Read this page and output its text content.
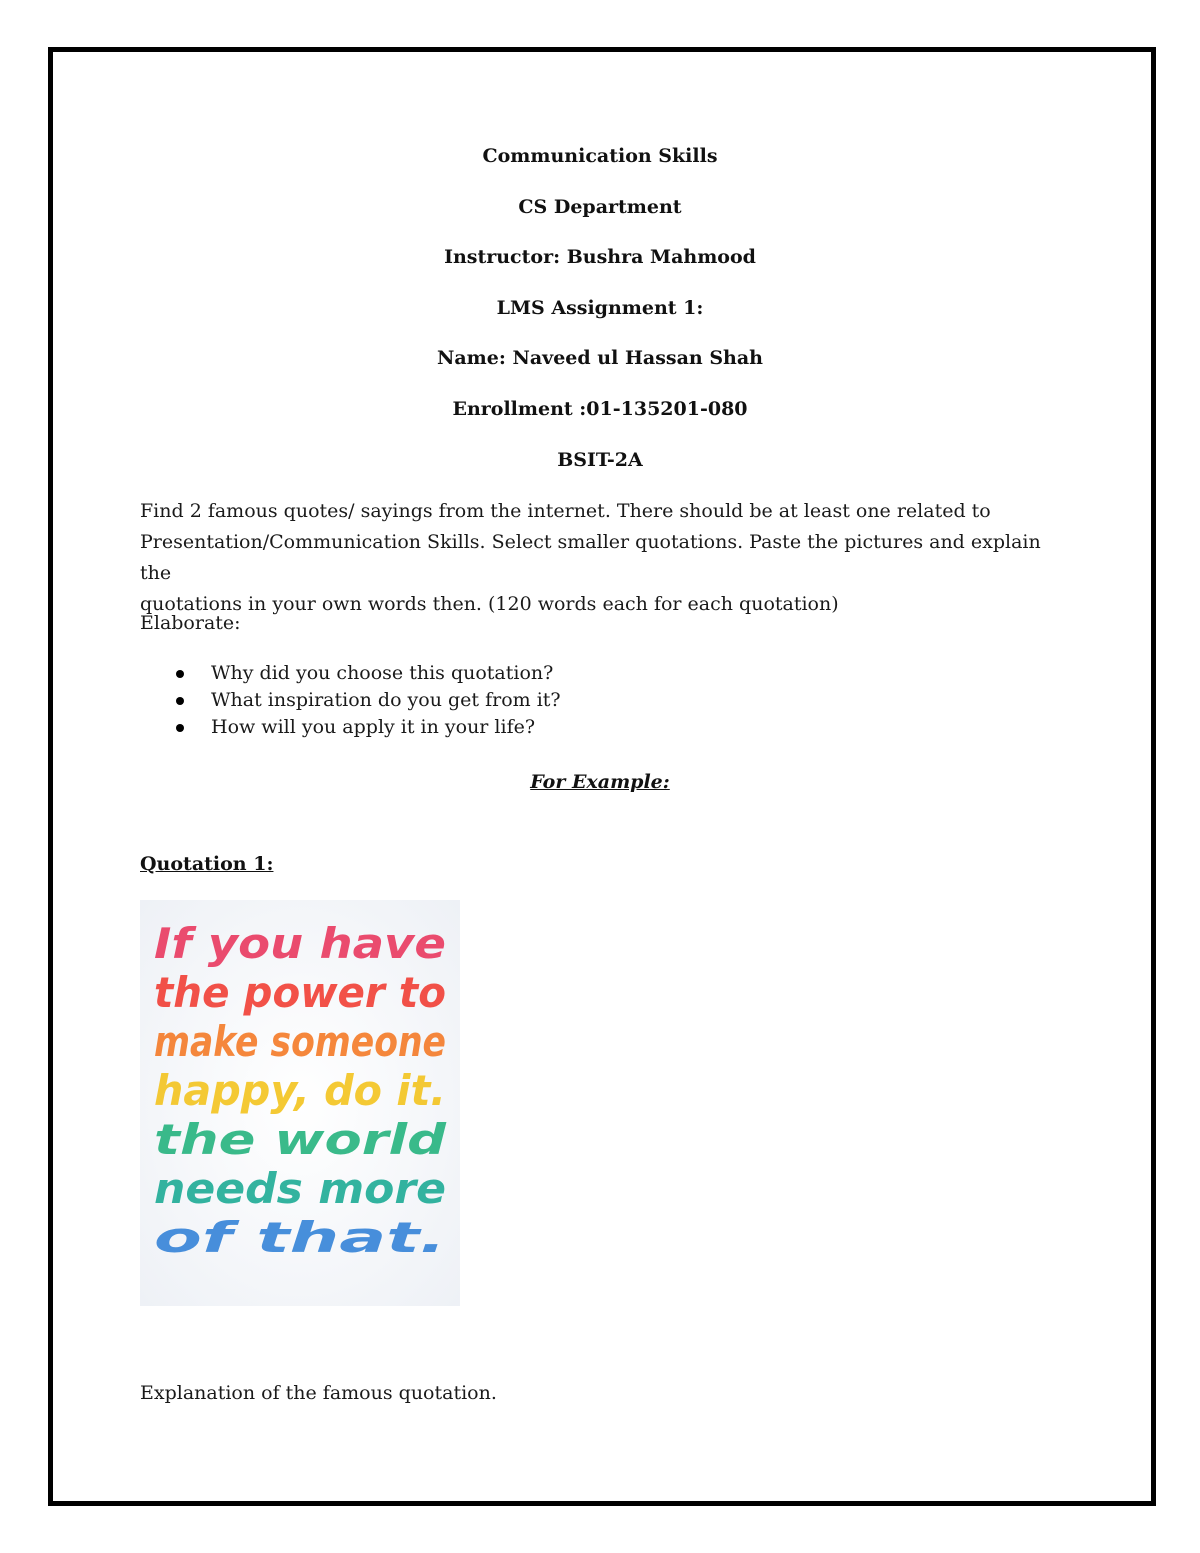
Communication Skills
CS Department
Instructor: Bushra Mahmood
LMS Assignment 1:
Name: Naveed ul Hassan Shah
Enrollment :01-135201-080
BSIT-2A
Find 2 famous quotes/ sayings from the internet. There should be at least one related to
Presentation/Communication Skills. Select smaller quotations. Paste the pictures and explain the
quotations in your own words then. (120 words each for each quotation)
Elaborate:
Why did you choose this quotation?
What inspiration do you get from it?
How will you apply it in your life?
For Example:
Quotation 1:
If you have
the power to
make someone
happy, do it.
the world
needs more
of that.
Explanation of the famous quotation.
